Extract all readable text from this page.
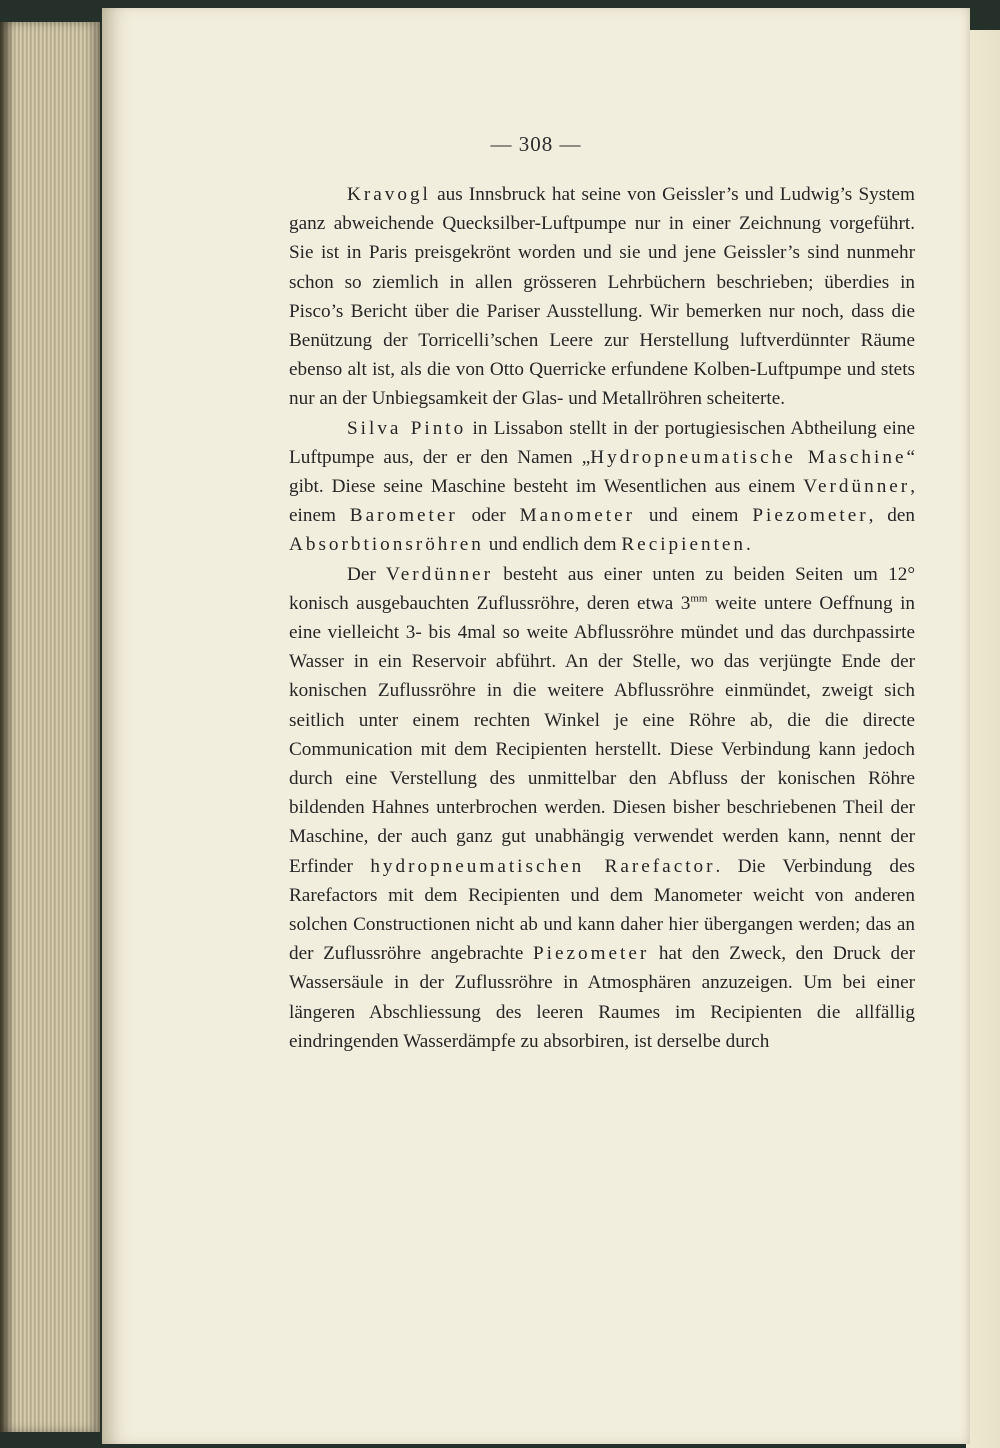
— 308 —

Kravogl aus Innsbruck hat seine von Geissler’s und Ludwig’s System ganz abweichende Quecksilber-Luftpumpe nur in einer Zeichnung vorgeführt. Sie ist in Paris preisgekrönt worden und sie und jene Geissler’s sind nunmehr schon so ziemlich in allen grösseren Lehrbüchern beschrieben; überdies in Pisco’s Bericht über die Pariser Ausstellung. Wir bemerken nur noch, dass die Benützung der Torricelli’schen Leere zur Herstellung luftverdünnter Räume ebenso alt ist, als die von Otto Querricke erfundene Kolben-Luftpumpe und stets nur an der Unbiegsamkeit der Glas- und Metallröhren scheiterte.

Silva Pinto in Lissabon stellt in der portugiesischen Abtheilung eine Luftpumpe aus, der er den Namen „Hydropneumatische Maschine“ gibt. Diese seine Maschine besteht im Wesentlichen aus einem Verdünner, einem Barometer oder Manometer und einem Piezometer, den Absorbtionsröhren und endlich dem Recipienten.

Der Verdünner besteht aus einer unten zu beiden Seiten um 12° konisch ausgebauchten Zuflussröhre, deren etwa $3^{mm}$ weite untere Oeffnung in eine vielleicht 3- bis 4mal so weite Abflussröhre mündet und das durchpassirte Wasser in ein Reservoir abführt. An der Stelle, wo das verjüngte Ende der konischen Zuflussröhre in die weitere Abflussröhre einmündet, zweigt sich seitlich unter einem rechten Winkel je eine Röhre ab, die die directe Communication mit dem Recipienten herstellt. Diese Verbindung kann jedoch durch eine Verstellung des unmittelbar den Abfluss der konischen Röhre bildenden Hahnes unterbrochen werden. Diesen bisher beschriebenen Theil der Maschine, der auch ganz gut unabhängig verwendet werden kann, nennt der Erfinder hydropneumatischen Rarefactor. Die Verbindung des Rarefactors mit dem Recipienten und dem Manometer weicht von anderen solchen Constructionen nicht ab und kann daher hier übergangen werden; das an der Zuflussröhre angebrachte Piezometer hat den Zweck, den Druck der Wassersäule in der Zuflussröhre in Atmosphären anzuzeigen. Um bei einer längeren Abschliessung des leeren Raumes im Recipienten die allfällig eindringenden Wasserdämpfe zu absorbiren, ist derselbe durch
